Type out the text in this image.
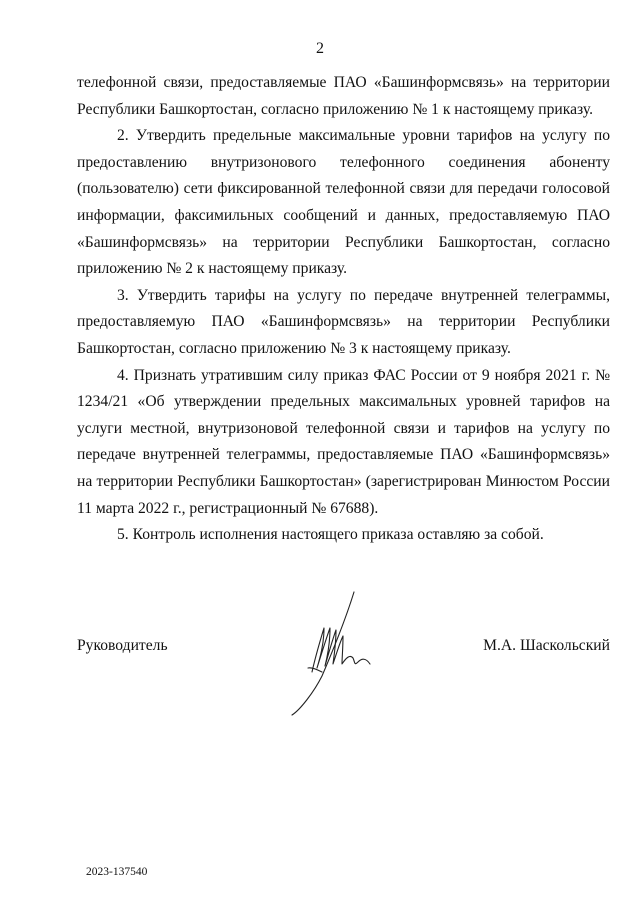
2

телефонной связи, предоставляемые ПАО «Башинформсвязь» на территории Республики Башкортостан, согласно приложению № 1 к настоящему приказу.

2. Утвердить предельные максимальные уровни тарифов на услугу по предоставлению внутризонового телефонного соединения абоненту (пользователю) сети фиксированной телефонной связи для передачи голосовой информации, факсимильных сообщений и данных, предоставляемую ПАО «Башинформсвязь» на территории Республики Башкортостан, согласно приложению № 2 к настоящему приказу.

3. Утвердить тарифы на услугу по передаче внутренней телеграммы, предоставляемую ПАО «Башинформсвязь» на территории Республики Башкортостан, согласно приложению № 3 к настоящему приказу.

4. Признать утратившим силу приказ ФАС России от 9 ноября 2021 г. № 1234/21 «Об утверждении предельных максимальных уровней тарифов на услуги местной, внутризоновой телефонной связи и тарифов на услугу по передаче внутренней телеграммы, предоставляемые ПАО «Башинформсвязь» на территории Республики Башкортостан» (зарегистрирован Минюстом России 11 марта 2022 г., регистрационный № 67688).

5. Контроль исполнения настоящего приказа оставляю за собой.

Руководитель	М.А. Шаскольский
2023-137540
